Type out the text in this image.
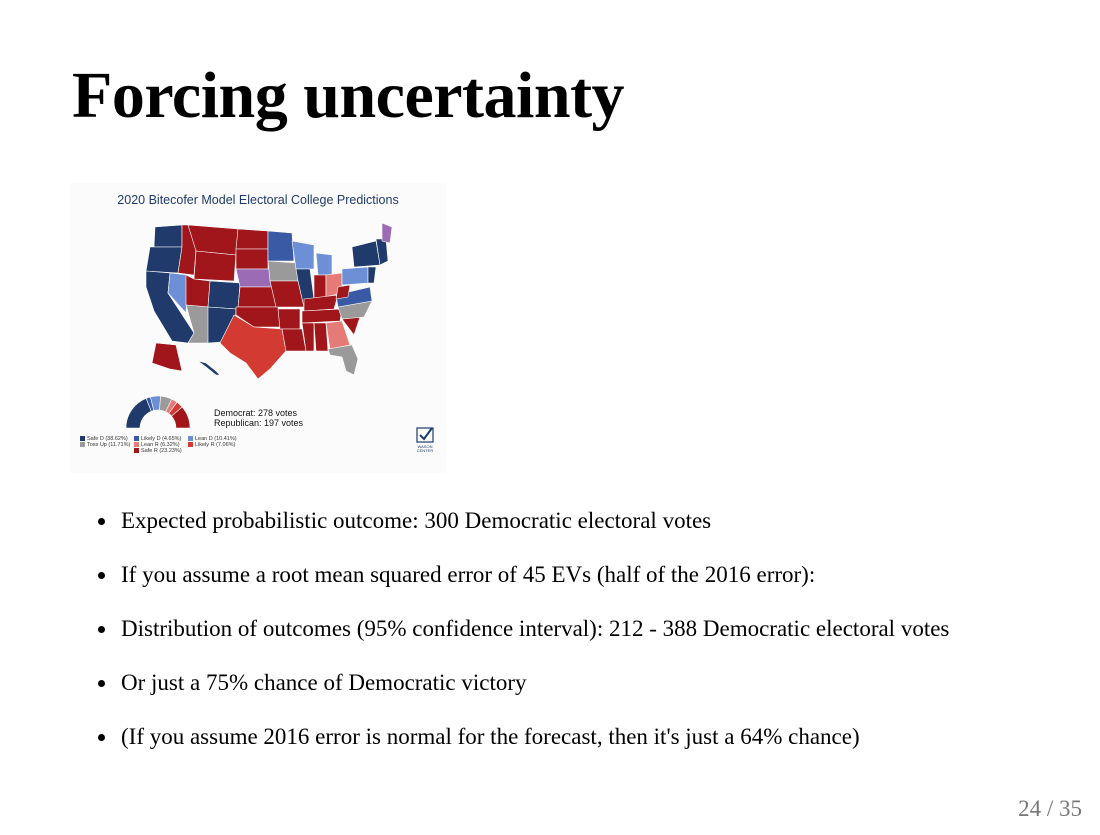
Forcing uncertainty
2020 Bitecofer Model Electoral College Predictions
Democrat: 278 votes
Republican: 197 votes
Safe D (38.62%) Likely D (4.65%) Lean D (10.41%)
Toss Up (11.71%) Lean R (6.32%)	Likely R (7.06%)
Safe R (23.23%)
WASON CENTER
Expected probabilistic outcome: 300 Democratic electoral votes
If you assume a root mean squared error of 45 EVs (half of the 2016 error):
Distribution of outcomes (95% confidence interval): 212 - 388 Democratic electoral votes
Or just a 75% chance of Democratic victory
(If you assume 2016 error is normal for the forecast, then it's just a 64% chance)
24 / 35
